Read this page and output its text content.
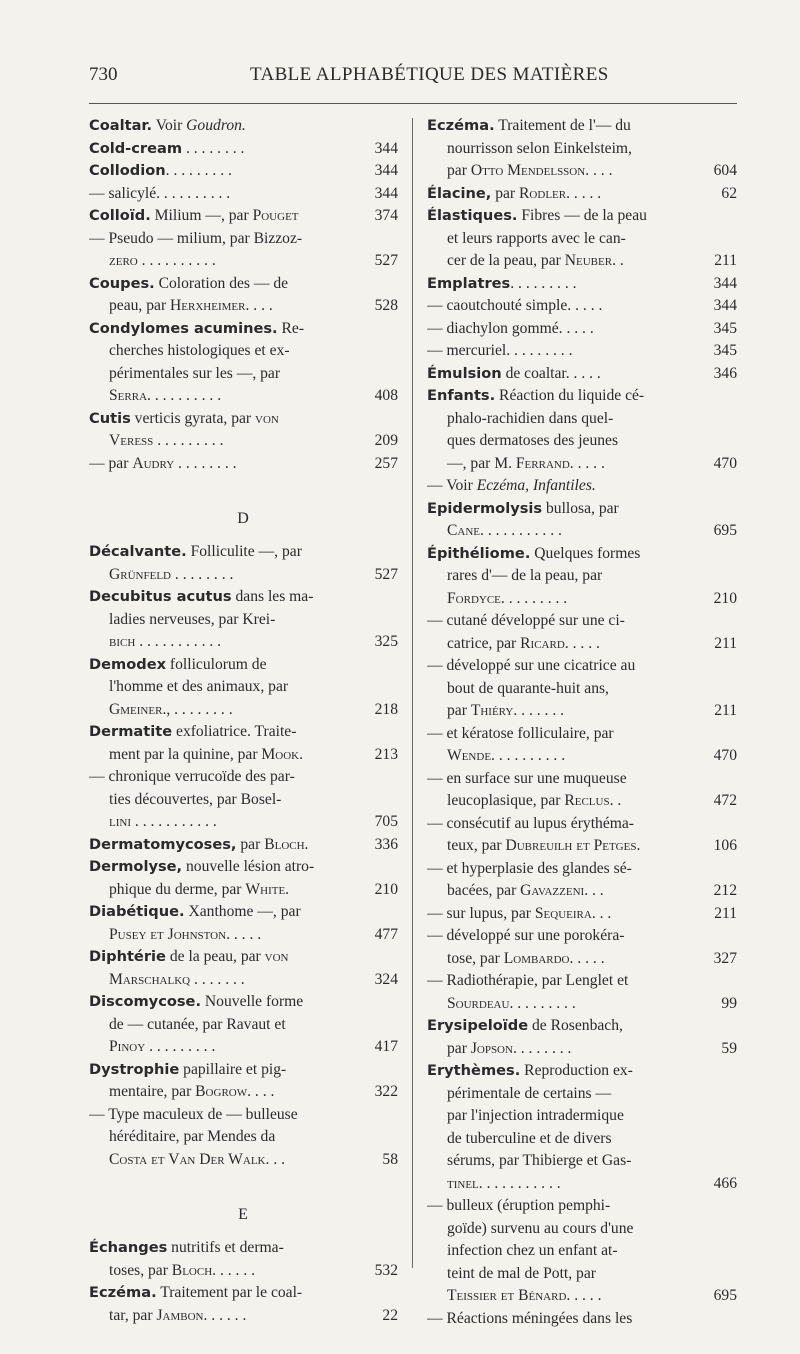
730	TABLE ALPHABÉTIQUE DES MATIÈRES
Coaltar. Voir Goudron.
Cold-cream . . . . . . . .	344
Collodion. . . . . . . . .	344
— salicylé. . . . . . . . . .	344
Colloïd. Milium —, par Pouget	374
— Pseudo — milium, par Bizzoz-
zero . . . . . . . . . .	527
Coupes. Coloration des — de
peau, par Herxheimer. . . .	528
Condylomes acumines. Re-
cherches histologiques et ex-
périmentales sur les —, par
Serra. . . . . . . . . .	408
Cutis verticis gyrata, par von
Veress . . . . . . . . .	209
— par Audry . . . . . . . .	257
D
Décalvante. Folliculite —, par
Grünfeld . . . . . . . .	527
Decubitus acutus dans les ma-
ladies nerveuses, par Krei-
bich . . . . . . . . . . .	325
Demodex folliculorum de
l'homme et des animaux, par
Gmeiner., . . . . . . . .	218
Dermatite exfoliatrice. Traite-
ment par la quinine, par Mook.	213
— chronique verrucoïde des par-
ties découvertes, par Bosel-
lini . . . . . . . . . . .	705
Dermatomycoses, par Bloch.	336
Dermolyse, nouvelle lésion atro-
phique du derme, par White.	210
Diabétique. Xanthome —, par
Pusey et Johnston. . . . .	477
Diphtérie de la peau, par von
Marschalkq . . . . . . .	324
Discomycose. Nouvelle forme
de — cutanée, par Ravaut et
Pinoy . . . . . . . . .	417
Dystrophie papillaire et pig-
mentaire, par Bogrow. . . .	322
— Type maculeux de — bulleuse
héréditaire, par Mendes da
Costa et Van Der Walk. . .	58
E
Échanges nutritifs et derma-
toses, par Bloch. . . . . .	532
Eczéma. Traitement par le coal-
tar, par Jambon. . . . . .	22
Eczéma. Traitement de l'— du
nourrisson selon Einkelsteim,
par Otto Mendelsson. . . .	604
Élacine, par Rodler. . . . .	62
Élastiques. Fibres — de la peau
et leurs rapports avec le can-
cer de la peau, par Neuber. .	211
Emplatres. . . . . . . . .	344
— caoutchouté simple. . . . .	344
— diachylon gommé. . . . .	345
— mercuriel. . . . . . . . .	345
Émulsion de coaltar. . . . .	346
Enfants. Réaction du liquide cé-
phalo-rachidien dans quel-
ques dermatoses des jeunes
—, par M. Ferrand. . . . .	470
— Voir Eczéma, Infantiles.
Epidermolysis bullosa, par
Cane. . . . . . . . . . .	695
Épithéliome. Quelques formes
rares d'— de la peau, par
Fordyce. . . . . . . . .	210
— cutané développé sur une ci-
catrice, par Ricard. . . . .	211
— développé sur une cicatrice au
bout de quarante-huit ans,
par Thiéry. . . . . . .	211
— et kératose folliculaire, par
Wende. . . . . . . . . .	470
— en surface sur une muqueuse
leucoplasique, par Reclus. .	472
— consécutif au lupus érythéma-
teux, par Dubreuilh et Petges.	106
— et hyperplasie des glandes sé-
bacées, par Gavazzeni. . .	212
— sur lupus, par Sequeira. . .	211
— développé sur une porokéra-
tose, par Lombardo. . . . .	327
— Radiothérapie, par Lenglet et
Sourdeau. . . . . . . . .	99
Erysipeloïde de Rosenbach,
par Jopson. . . . . . . .	59
Erythèmes. Reproduction ex-
périmentale de certains —
par l'injection intradermique
de tuberculine et de divers
sérums, par Thibierge et Gas-
tinel. . . . . . . . . . .	466
— bulleux (éruption pemphi-
goïde) survenu au cours d'une
infection chez un enfant at-
teint de mal de Pott, par
Teissier et Bénard. . . . .	695
— Réactions méningées dans les
